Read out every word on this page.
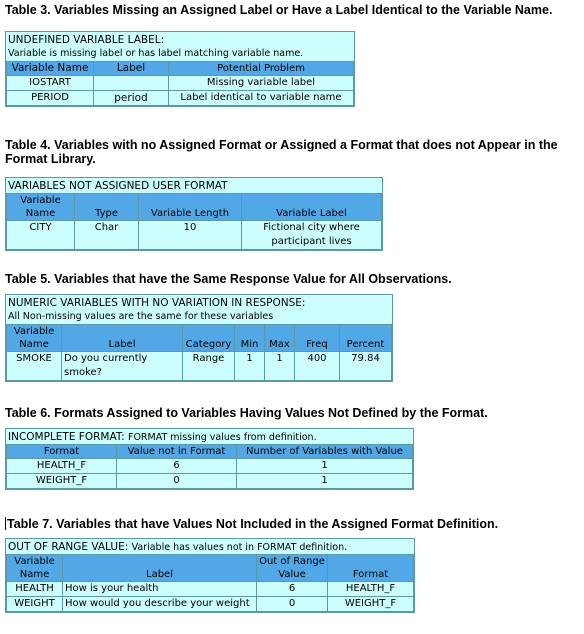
Table 3. Variables Missing an Assigned Label or Have a Label Identical to the Variable Name.

UNDEFINED VARIABLE LABEL:
Variable is missing label or has label matching variable name.
Variable Name	Label	Potential Problem
IOSTART		Missing variable label
PERIOD	period	Label identical to variable name

Table 4. Variables with no Assigned Format or Assigned a Format that does not Appear in the Format Library.

VARIABLES NOT ASSIGNED USER FORMAT
Variable Name	Type	Variable Length	Variable Label
CITY	Char	10	Fictional city where participant lives

Table 5. Variables that have the Same Response Value for All Observations.

NUMERIC VARIABLES WITH NO VARIATION IN RESPONSE:
All Non-missing values are the same for these variables
Variable Name	Label	Category	Min	Max	Freq	Percent
SMOKE	Do you currently smoke?	Range	1	1	400	79.84

Table 6. Formats Assigned to Variables Having Values Not Defined by the Format.

INCOMPLETE FORMAT: FORMAT missing values from definition.
Format	Value not in Format	Number of Variables with Value
HEALTH_F	6	1
WEIGHT_F	0	1

Table 7. Variables that have Values Not Included in the Assigned Format Definition.

OUT OF RANGE VALUE: Variable has values not in FORMAT definition.
Variable Name	Label	Out of Range Value	Format
HEALTH	How is your health	6	HEALTH_F
WEIGHT	How would you describe your weight	0	WEIGHT_F
